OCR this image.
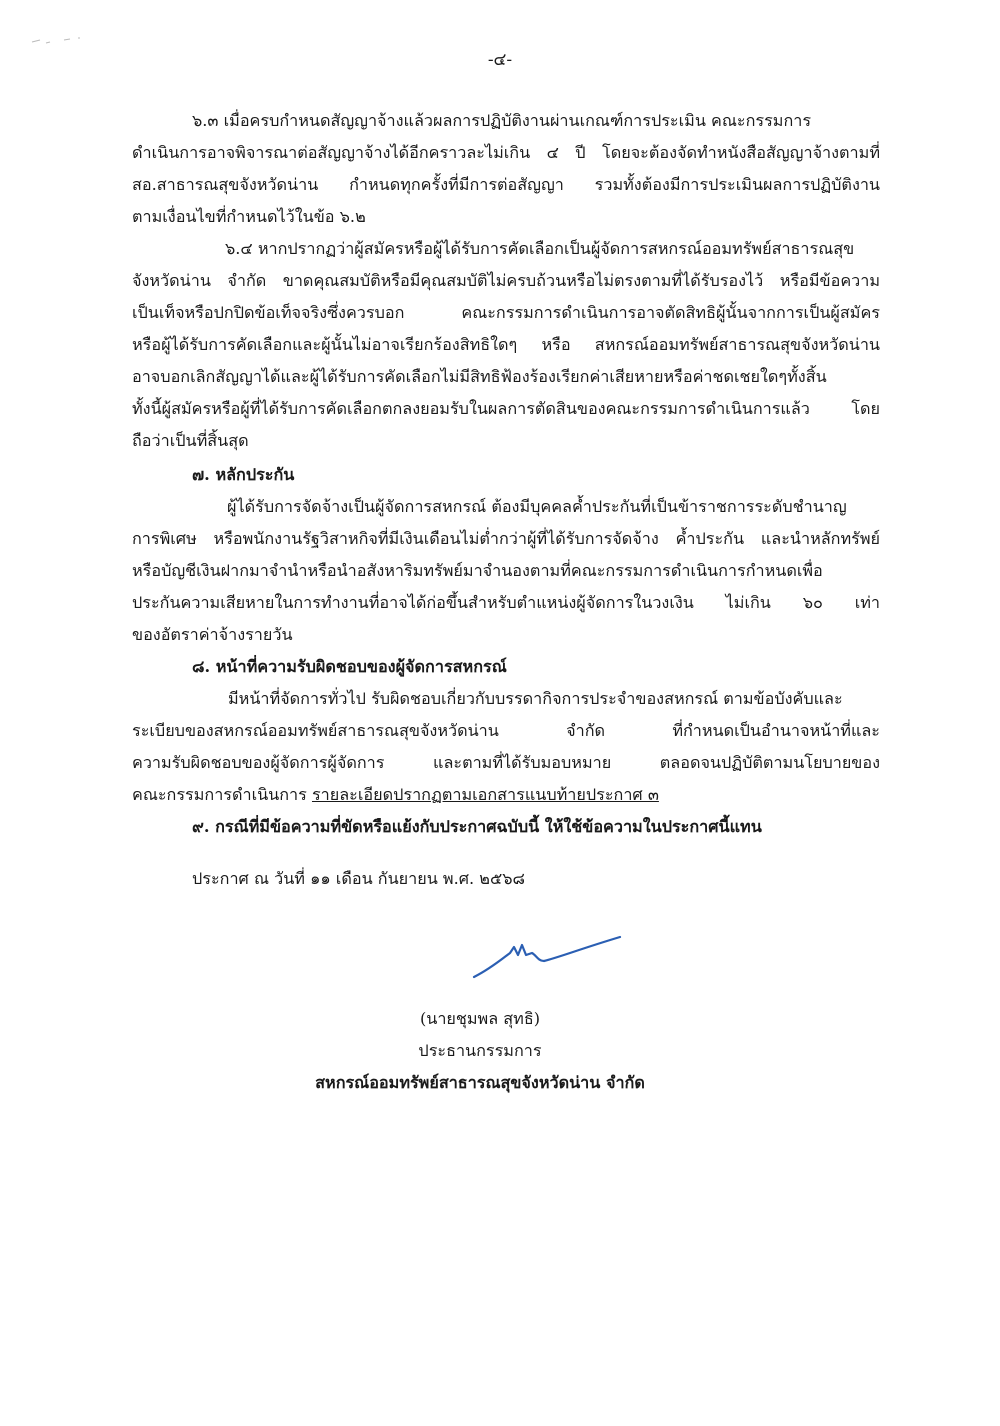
-๔-
๖.๓ เมื่อครบกำหนดสัญญาจ้างแล้วผลการปฏิบัติงานผ่านเกณฑ์การประเมิน คณะกรรมการ
ดำเนินการอาจพิจารณาต่อสัญญาจ้างได้อีกคราวละไม่เกิน ๔ ปี โดยจะต้องจัดทำหนังสือสัญญาจ้างตามที่
สอ.สาธารณสุขจังหวัดน่าน กำหนดทุกครั้งที่มีการต่อสัญญา รวมทั้งต้องมีการประเมินผลการปฏิบัติงาน
ตามเงื่อนไขที่กำหนดไว้ในข้อ ๖.๒
๖.๔ หากปรากฏว่าผู้สมัครหรือผู้ได้รับการคัดเลือกเป็นผู้จัดการสหกรณ์ออมทรัพย์สาธารณสุข
จังหวัดน่าน จำกัด ขาดคุณสมบัติหรือมีคุณสมบัติไม่ครบถ้วนหรือไม่ตรงตามที่ได้รับรองไว้ หรือมีข้อความ
เป็นเท็จหรือปกปิดข้อเท็จจริงซึ่งควรบอก คณะกรรมการดำเนินการอาจตัดสิทธิผู้นั้นจากการเป็นผู้สมัคร
หรือผู้ได้รับการคัดเลือกและผู้นั้นไม่อาจเรียกร้องสิทธิใดๆ หรือ สหกรณ์ออมทรัพย์สาธารณสุขจังหวัดน่าน
อาจบอกเลิกสัญญาได้และผู้ได้รับการคัดเลือกไม่มีสิทธิฟ้องร้องเรียกค่าเสียหายหรือค่าชดเชยใดๆทั้งสิ้น
ทั้งนี้ผู้สมัครหรือผู้ที่ได้รับการคัดเลือกตกลงยอมรับในผลการตัดสินของคณะกรรมการดำเนินการแล้ว โดย
ถือว่าเป็นที่สิ้นสุด
๗. หลักประกัน
ผู้ได้รับการจัดจ้างเป็นผู้จัดการสหกรณ์ ต้องมีบุคคลค้ำประกันที่เป็นข้าราชการระดับชำนาญ
การพิเศษ หรือพนักงานรัฐวิสาหกิจที่มีเงินเดือนไม่ต่ำกว่าผู้ที่ได้รับการจัดจ้าง ค้ำประกัน และนำหลักทรัพย์
หรือบัญชีเงินฝากมาจำนำหรือนำอสังหาริมทรัพย์มาจำนองตามที่คณะกรรมการดำเนินการกำหนดเพื่อ
ประกันความเสียหายในการทำงานที่อาจได้ก่อขึ้นสำหรับตำแหน่งผู้จัดการในวงเงิน ไม่เกิน ๖๐ เท่า
ของอัตราค่าจ้างรายวัน
๘. หน้าที่ความรับผิดชอบของผู้จัดการสหกรณ์
มีหน้าที่จัดการทั่วไป รับผิดชอบเกี่ยวกับบรรดากิจการประจำของสหกรณ์ ตามข้อบังคับและ
ระเบียบของสหกรณ์ออมทรัพย์สาธารณสุขจังหวัดน่าน จำกัด ที่กำหนดเป็นอำนาจหน้าที่และ
ความรับผิดชอบของผู้จัดการผู้จัดการ และตามที่ได้รับมอบหมาย ตลอดจนปฏิบัติตามนโยบายของ
คณะกรรมการดำเนินการ รายละเอียดปรากฏตามเอกสารแนบท้ายประกาศ ๓
๙. กรณีที่มีข้อความที่ขัดหรือแย้งกับประกาศฉบับนี้ ให้ใช้ข้อความในประกาศนี้แทน
ประกาศ ณ วันที่ ๑๑ เดือน กันยายน พ.ศ. ๒๕๖๘
(นายชุมพล สุทธิ)
ประธานกรรมการ
สหกรณ์ออมทรัพย์สาธารณสุขจังหวัดน่าน จำกัด
